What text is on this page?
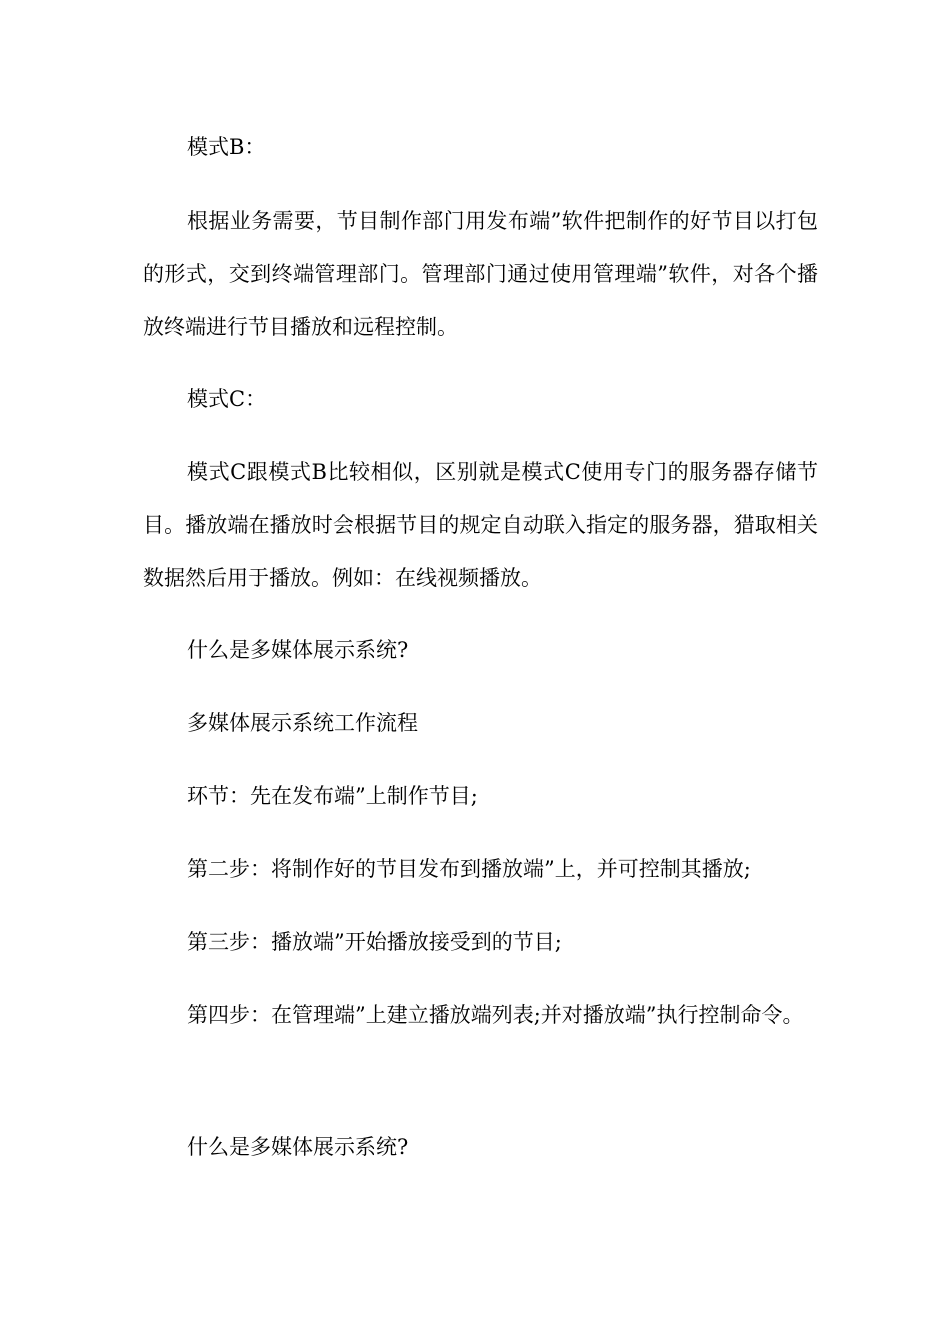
模式B：

根据业务需要，节目制作部门用发布端”软件把制作的好节目以打包的形式，交到终端管理部门。管理部门通过使用管理端”软件，对各个播放终端进行节目播放和远程控制。

模式C：

模式C跟模式B比较相似，区别就是模式C使用专门的服务器存储节目。播放端在播放时会根据节目的规定自动联入指定的服务器，猎取相关数据然后用于播放。例如：在线视频播放。

什么是多媒体展示系统?

多媒体展示系统工作流程

环节：先在发布端”上制作节目;

第二步：将制作好的节目发布到播放端”上，并可控制其播放;

第三步：播放端”开始播放接受到的节目;

第四步：在管理端”上建立播放端列表;并对播放端”执行控制命令。

什么是多媒体展示系统?
